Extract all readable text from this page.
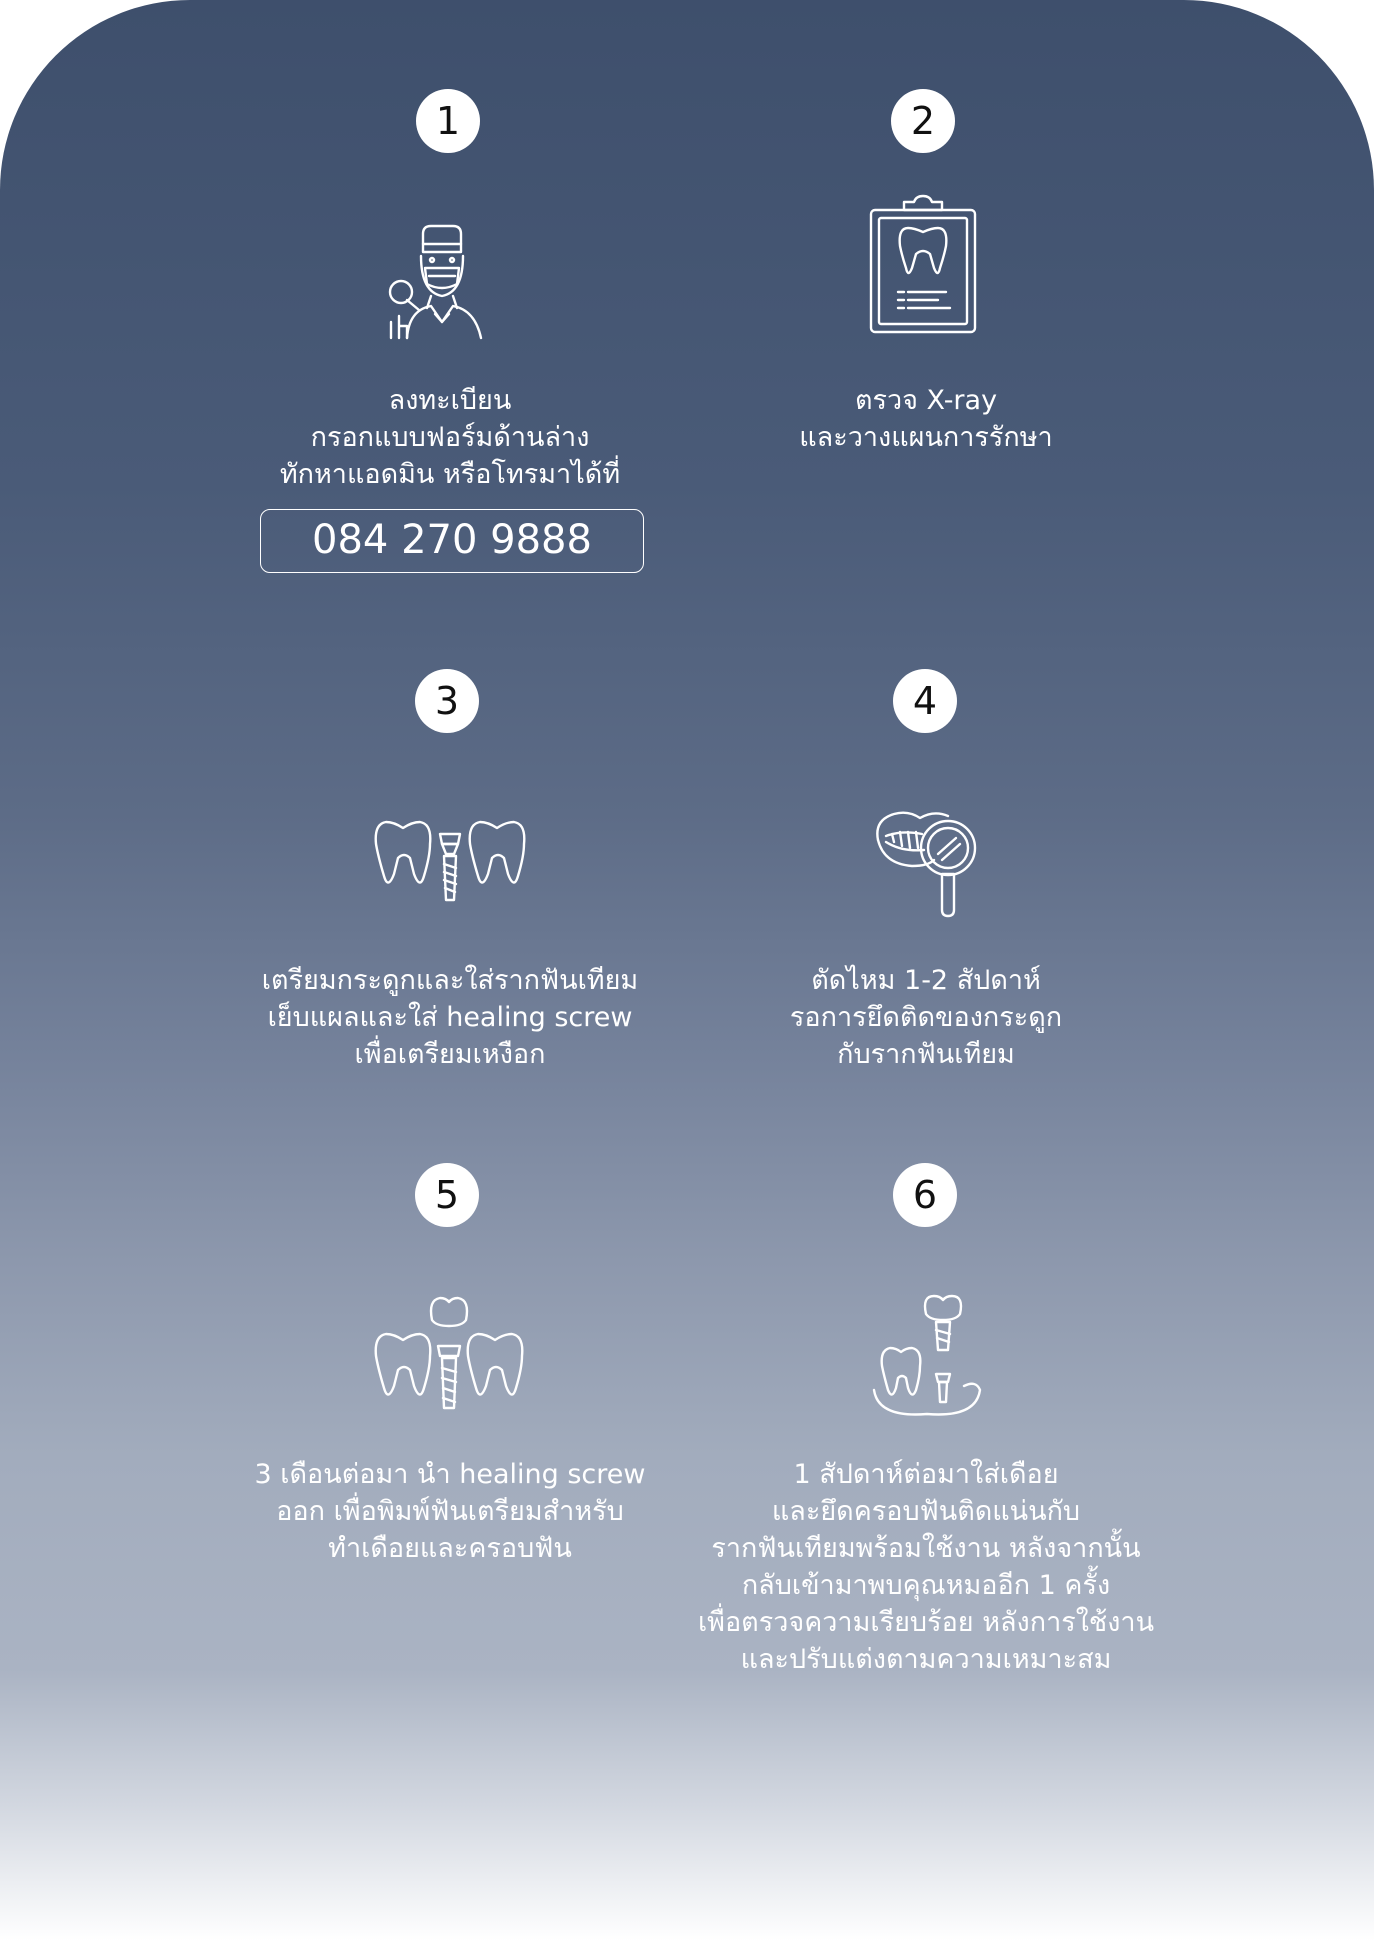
1
ลงทะเบียน
กรอกแบบฟอร์มด้านล่าง
ทักหาแอดมิน หรือโทรมาได้ที่
084 270 9888
2
ตรวจ X-ray
และวางแผนการรักษา
3
เตรียมกระดูกและใส่รากฟันเทียม
เย็บแผลและใส่ healing screw
เพื่อเตรียมเหงือก
4
ตัดไหม 1-2 สัปดาห์
รอการยึดติดของกระดูก
กับรากฟันเทียม
5
3 เดือนต่อมา นำ healing screw
ออก เพื่อพิมพ์ฟันเตรียมสำหรับ
ทำเดือยและครอบฟัน
6
1 สัปดาห์ต่อมาใส่เดือย
และยึดครอบฟันติดแน่นกับ
รากฟันเทียมพร้อมใช้งาน หลังจากนั้น
กลับเข้ามาพบคุณหมออีก 1 ครั้ง
เพื่อตรวจความเรียบร้อย หลังการใช้งาน
และปรับแต่งตามความเหมาะสม
